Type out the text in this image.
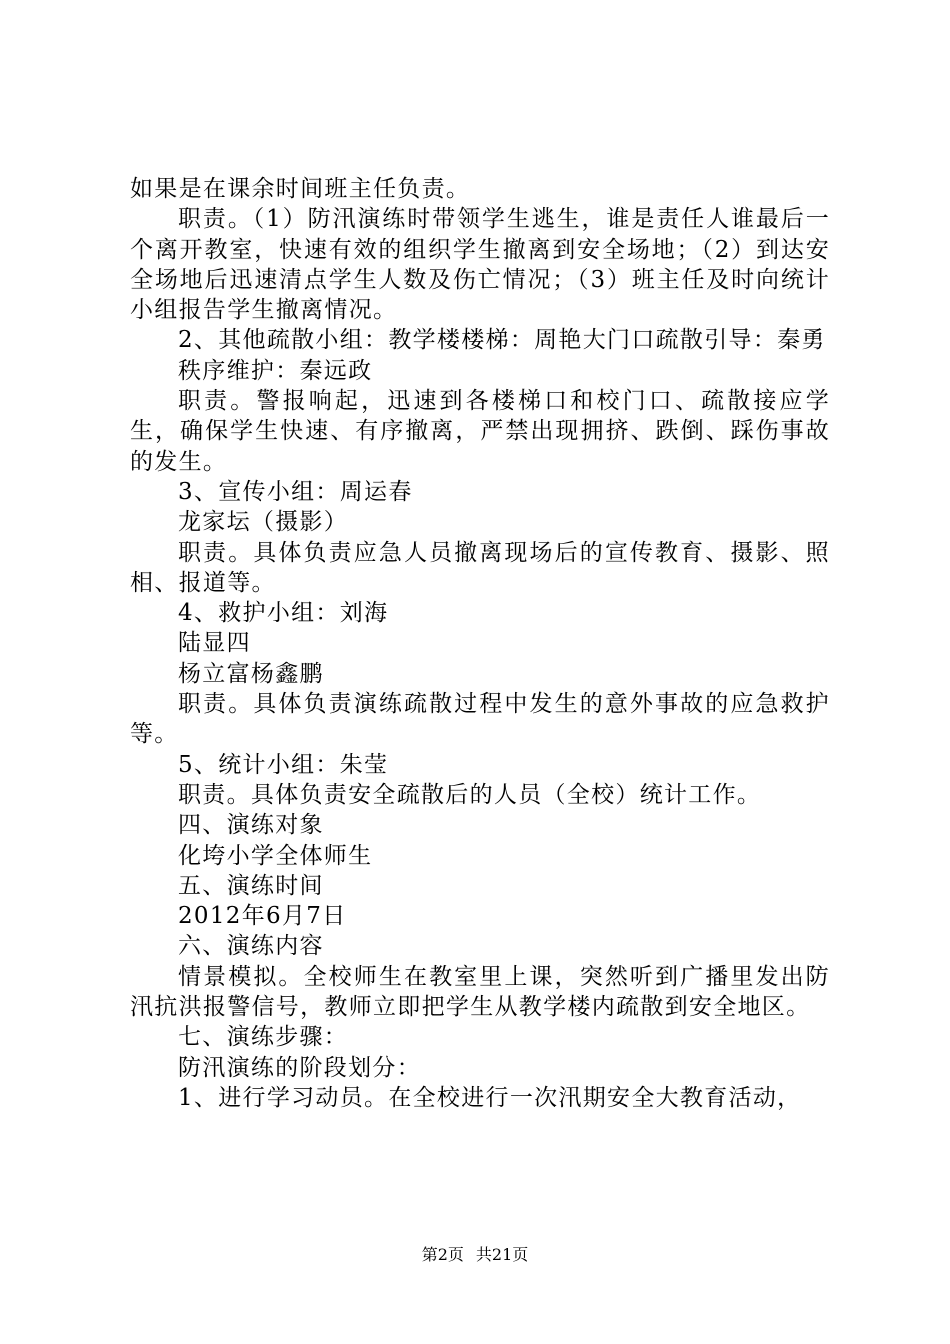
如果是在课余时间班主任负责。

职责。（1）防汛演练时带领学生逃生，谁是责任人谁最后一个离开教室，快速有效的组织学生撤离到安全场地；（2）到达安全场地后迅速清点学生人数及伤亡情况；（3）班主任及时向统计小组报告学生撤离情况。

2、其他疏散小组：教学楼楼梯：周艳大门口疏散引导：秦勇

秩序维护：秦远政

职责。警报响起，迅速到各楼梯口和校门口、疏散接应学生，确保学生快速、有序撤离，严禁出现拥挤、跌倒、踩伤事故的发生。

3、宣传小组：周运春

龙家坛（摄影）

职责。具体负责应急人员撤离现场后的宣传教育、摄影、照相、报道等。

4、救护小组：刘海

陆显四

杨立富杨鑫鹏

职责。具体负责演练疏散过程中发生的意外事故的应急救护等。

5、统计小组：朱莹

职责。具体负责安全疏散后的人员（全校）统计工作。

四、演练对象

化垮小学全体师生

五、演练时间

2012年6月7日

六、演练内容

情景模拟。全校师生在教室里上课，突然听到广播里发出防汛抗洪报警信号，教师立即把学生从教学楼内疏散到安全地区。

七、演练步骤：

防汛演练的阶段划分：

1、进行学习动员。在全校进行一次汛期安全大教育活动，

第2页 共21页
